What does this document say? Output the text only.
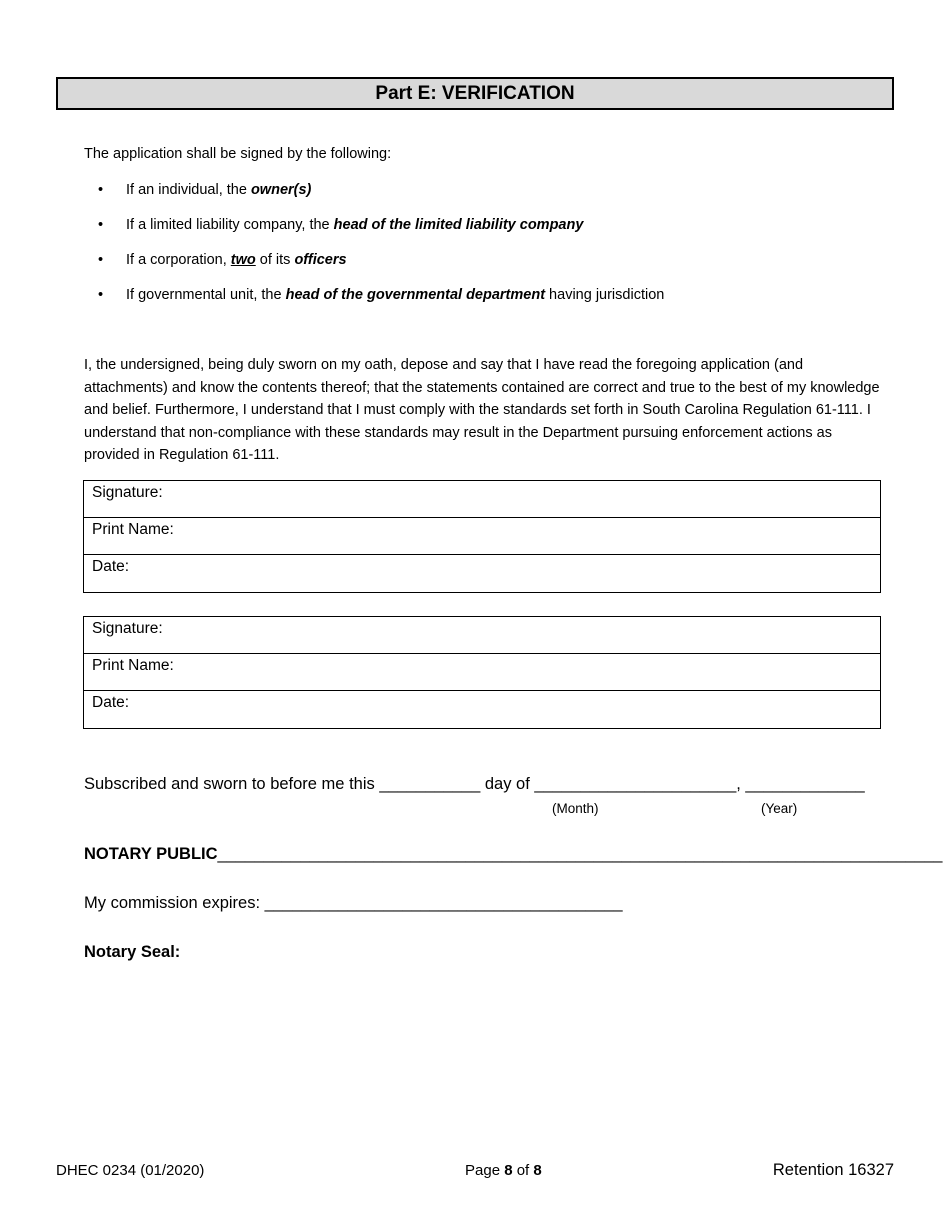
Part E: VERIFICATION
The application shall be signed by the following:
• If an individual, the owner(s)
• If a limited liability company, the head of the limited liability company
• If a corporation, two of its officers
• If governmental unit, the head of the governmental department having jurisdiction
I, the undersigned, being duly sworn on my oath, depose and say that I have read the foregoing application (and attachments) and know the contents thereof; that the statements contained are correct and true to the best of my knowledge and belief. Furthermore, I understand that I must comply with the standards set forth in South Carolina Regulation 61-111. I understand that non-compliance with these standards may result in the Department pursuing enforcement actions as provided in Regulation 61-111.
Signature:
Print Name:
Date:
Signature:
Print Name:
Date:
Subscribed and sworn to before me this ___________ day of ______________________, _____________
(Month)	(Year)
NOTARY PUBLIC_______________________________________________________________________________
My commission expires: _______________________________________
Notary Seal:
DHEC 0234 (01/2020)	Page 8 of 8	Retention 16327
